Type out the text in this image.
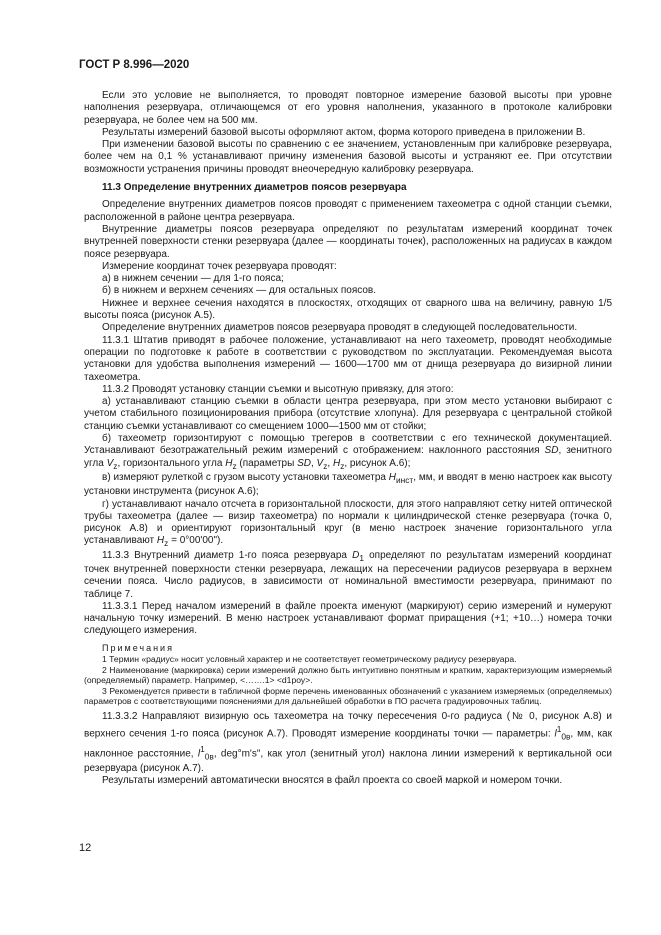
ГОСТ Р 8.996—2020

Если это условие не выполняется, то проводят повторное измерение базовой высоты при уровне наполнения резервуара, отличающемся от его уровня наполнения, указанного в протоколе калибровки резервуара, не более чем на 500 мм.

Результаты измерений базовой высоты оформляют актом, форма которого приведена в приложении В.

При изменении базовой высоты по сравнению с ее значением, установленным при калибровке резервуара, более чем на 0,1 % устанавливают причину изменения базовой высоты и устраняют ее. При отсутствии возможности устранения причины проводят внеочередную калибровку резервуара.

11.3 Определение внутренних диаметров поясов резервуара

Определение внутренних диаметров поясов проводят с применением тахеометра с одной станции съемки, расположенной в районе центра резервуара.

Внутренние диаметры поясов резервуара определяют по результатам измерений координат точек внутренней поверхности стенки резервуара (далее — координаты точек), расположенных на радиусах в каждом поясе резервуара.

Измерение координат точек резервуара проводят:

а) в нижнем сечении — для 1-го пояса;

б) в нижнем и верхнем сечениях — для остальных поясов.

Нижнее и верхнее сечения находятся в плоскостях, отходящих от сварного шва на величину, равную 1/5 высоты пояса (рисунок А.5).

Определение внутренних диаметров поясов резервуара проводят в следующей последовательности.

11.3.1 Штатив приводят в рабочее положение, устанавливают на него тахеометр, проводят необходимые операции по подготовке к работе в соответствии с руководством по эксплуатации. Рекомендуемая высота установки для удобства выполнения измерений — 1600—1700 мм от днища резервуара до визирной линии тахеометра.

11.3.2 Проводят установку станции съемки и высотную привязку, для этого:

а) устанавливают станцию съемки в области центра резервуара, при этом место установки выбирают с учетом стабильного позиционирования прибора (отсутствие хлопуна). Для резервуара с центральной стойкой станцию съемки устанавливают со смещением 1000—1500 мм от стойки;

б) тахеометр горизонтируют с помощью трегеров в соответствии с его технической документацией. Устанавливают безотражательный режим измерений с отображением: наклонного расстояния SD, зенитного угла $V_z$, горизонтального угла $H_z$ (параметры SD, $V_z$, $H_z$, рисунок А.6);

в) измеряют рулеткой с грузом высоту установки тахеометра $H_{инст}$, мм, и вводят в меню настроек как высоту установки инструмента (рисунок А.6);

г) устанавливают начало отсчета в горизонтальной плоскости, для этого направляют сетку нитей оптической трубы тахеометра (далее — визир тахеометра) по нормали к цилиндрической стенке резервуара (точка 0, рисунок А.8) и ориентируют горизонтальный круг (в меню настроек значение горизонтального угла устанавливают $H_z$ = 0°00'00").

11.3.3 Внутренний диаметр 1-го пояса резервуара $D_1$ определяют по результатам измерений координат точек внутренней поверхности стенки резервуара, лежащих на пересечении радиусов резервуара в верхнем сечении пояса. Число радиусов, в зависимости от номинальной вместимости резервуара, принимают по таблице 7.

11.3.3.1 Перед началом измерений в файле проекта именуют (маркируют) серию измерений и нумеруют начальную точку измерений. В меню настроек устанавливают формат приращения (+1; +10…) номера точки следующего измерения.

Примечания

1 Термин «радиус» носит условный характер и не соответствует геометрическому радиусу резервуара.

2 Наименование (маркировка) серии измерений должно быть интуитивно понятным и кратким, характеризующим измеряемый (определяемый) параметр. Например, <…….1> <d1роу>.

3 Рекомендуется привести в табличной форме перечень именованных обозначений с указанием измеряемых (определяемых) параметров с соответствующими пояснениями для дальнейшей обработки в ПО расчета градуировочных таблиц.

11.3.3.2 Направляют визирную ось тахеометра на точку пересечения 0-го радиуса (№ 0, рисунок А.8) и верхнего сечения 1-го пояса (рисунок А.7). Проводят измерение координаты точки — параметры: $l^1_{0в}$, мм, как наклонное расстояние, $l^1_{0в}$, deg°m's", как угол (зенитный угол) наклона линии измерений к вертикальной оси резервуара (рисунок А.7).

Результаты измерений автоматически вносятся в файл проекта со своей маркой и номером точки.

12
